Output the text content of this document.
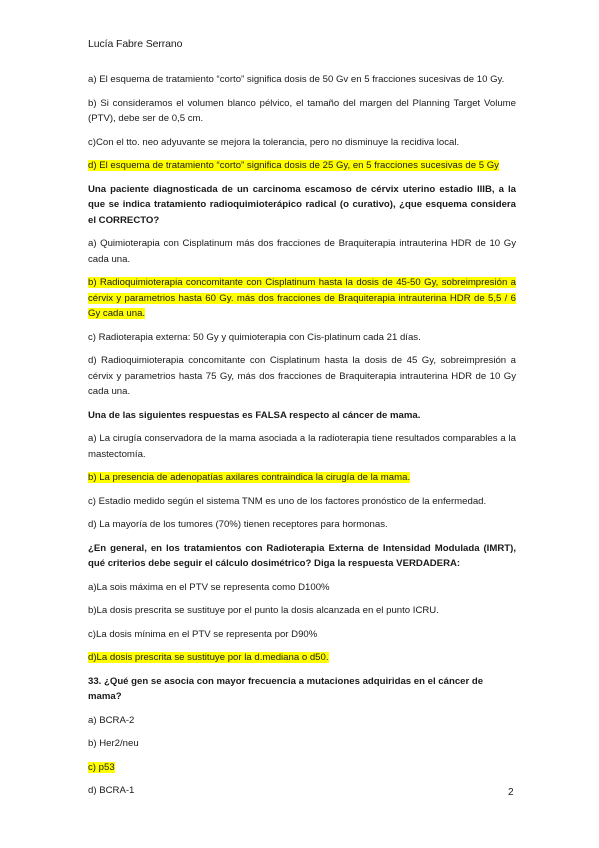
Lucía Fabre Serrano

a) El esquema de tratamiento “corto” significa dosis de 50 Gv en 5 fracciones sucesivas de 10 Gy.

b) Si consideramos el volumen blanco pélvico, el tamaño del margen del Planning Target Volume (PTV), debe ser de 0,5 cm.

c)Con el tto. neo adyuvante se mejora la tolerancia, pero no disminuye la recidiva local.

d) El esquema de tratamiento “corto” significa dosis de 25 Gy, en 5 fracciones sucesivas de 5 Gy

Una paciente diagnosticada de un carcinoma escamoso de cérvix uterino estadio IIIB, a la que se indica tratamiento radioquimioterápico radical (o curativo), ¿que esquema considera el CORRECTO?

a) Quimioterapia con Cisplatinum más dos fracciones de Braquiterapia intrauterina HDR de 10 Gy cada una.

b) Radioquimioterapia concomitante con Cisplatinum hasta la dosis de 45-50 Gy, sobreimpresión a cérvix y parametrios hasta 60 Gy. más dos fracciones de Braquiterapia intrauterina HDR de 5,5 / 6 Gy cada una.

c) Radioterapia externa: 50 Gy y quimioterapia con Cis-platinum cada 21 días.

d) Radioquimioterapia concomitante con Cisplatinum hasta la dosis de 45 Gy, sobreimpresión a cérvix y parametrios hasta 75 Gy, más dos fracciones de Braquiterapia intrauterina HDR de 10 Gy cada una.

Una de las siguientes respuestas es FALSA respecto al cáncer de mama.

a) La cirugía conservadora de la mama asociada a la radioterapia tiene resultados comparables a la mastectomía.

b) La presencia de adenopatías axilares contraindica la cirugía de la mama.

c) Estadio medido según el sistema TNM es uno de los factores pronóstico de la enfermedad.

d) La mayoría de los tumores (70%) tienen receptores para hormonas.

¿En general, en los tratamientos con Radioterapia Externa de Intensidad Modulada (IMRT), qué criterios debe seguir el cálculo dosimétrico? Diga la respuesta VERDADERA:

a)La sois máxima en el PTV se representa como D100%

b)La dosis prescrita se sustituye por el punto la dosis alcanzada en el punto ICRU.

c)La dosis mínima en el PTV se representa por D90%

d)La dosis prescrita se sustituye por la d.mediana o d50.

33. ¿Qué gen se asocia con mayor frecuencia a mutaciones adquiridas en el cáncer de mama?

a) BCRA-2

b) Her2/neu

c) p53

d) BCRA-1	2
